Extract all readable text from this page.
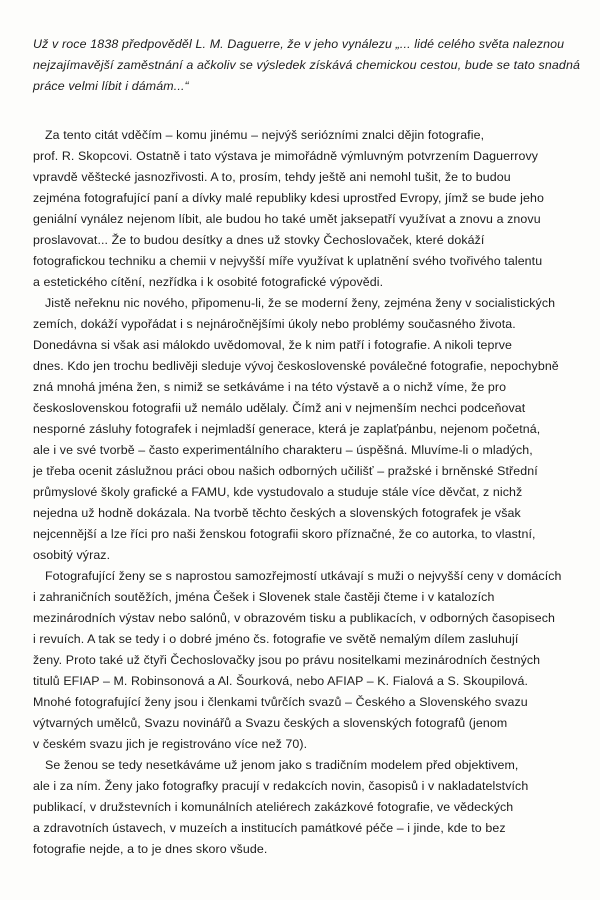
Už v roce 1838 předpověděl L. M. Daguerre, že v jeho vynálezu „... lidé celého světa naleznou
nejzajímavější zaměstnání a ačkoliv se výsledek získává chemickou cestou, bude se tato snadná
práce velmi líbit i dámám...“
Za tento citát vděčím – komu jinému – nejvýš seriózními znalci dějin fotografie,
prof. R. Skopcovi. Ostatně i tato výstava je mimořádně výmluvným potvrzením Daguerrovy
vpravdě věštecké jasnozřivosti. A to, prosím, tehdy ještě ani nemohl tušit, že to budou
zejména fotografující paní a dívky malé republiky kdesi uprostřed Evropy, jímž se bude jeho
geniální vynález nejenom líbit, ale budou ho také umět jaksepatří využívat a znovu a znovu
proslavovat... Že to budou desítky a dnes už stovky Čechoslovaček, které dokáží
fotografickou techniku a chemii v nejvyšší míře využívat k uplatnění svého tvořivého talentu
a estetického cítění, nezřídka i k osobité fotografické výpovědi.
Jistě neřeknu nic nového, připomenu-li, že se moderní ženy, zejména ženy v socialistických
zemích, dokáží vypořádat i s nejnáročnějšími úkoly nebo problémy současného života.
Donedávna si však asi málokdo uvědomoval, že k nim patří i fotografie. A nikoli teprve
dnes. Kdo jen trochu bedlivěji sleduje vývoj československé poválečné fotografie, nepochybně
zná mnohá jména žen, s nimiž se setkáváme i na této výstavě a o nichž víme, že pro
československou fotografii už nemálo udělaly. Čímž ani v nejmenším nechci podceňovat
nesporné zásluhy fotografek i nejmladší generace, která je zaplaťpánbu, nejenom početná,
ale i ve své tvorbě – často experimentálního charakteru – úspěšná. Mluvíme-li o mladých,
je třeba ocenit záslužnou práci obou našich odborných učilišť – pražské i brněnské Střední
průmyslové školy grafické a FAMU, kde vystudovalo a studuje stále více děvčat, z nichž
nejedna už hodně dokázala. Na tvorbě těchto českých a slovenských fotografek je však
nejcennější a lze říci pro naši ženskou fotografii skoro příznačné, že co autorka, to vlastní,
osobitý výraz.
Fotografující ženy se s naprostou samozřejmostí utkávají s muži o nejvyšší ceny v domácích
i zahraničních soutěžích, jména Češek i Slovenek stale častěji čteme i v katalozích
mezinárodních výstav nebo salónů, v obrazovém tisku a publikacích, v odborných časopisech
i revuích. A tak se tedy i o dobré jméno čs. fotografie ve světě nemalým dílem zasluhují
ženy. Proto také už čtyři Čechoslovačky jsou po právu nositelkami mezinárodních čestných
titulů EFIAP – M. Robinsonová a Al. Šourková, nebo AFIAP – K. Fialová a S. Skoupilová.
Mnohé fotografující ženy jsou i členkami tvůrčích svazů – Českého a Slovenského svazu
výtvarných umělců, Svazu novinářů a Svazu českých a slovenských fotografů (jenom
v českém svazu jich je registrováno více než 70).
Se ženou se tedy nesetkáváme už jenom jako s tradičním modelem před objektivem,
ale i za ním. Ženy jako fotografky pracují v redakcích novin, časopisů i v nakladatelstvích
publikací, v družstevních i komunálních ateliérech zakázkové fotografie, ve vědeckých
a zdravotních ústavech, v muzeích a institucích památkové péče – i jinde, kde to bez
fotografie nejde, a to je dnes skoro všude.
